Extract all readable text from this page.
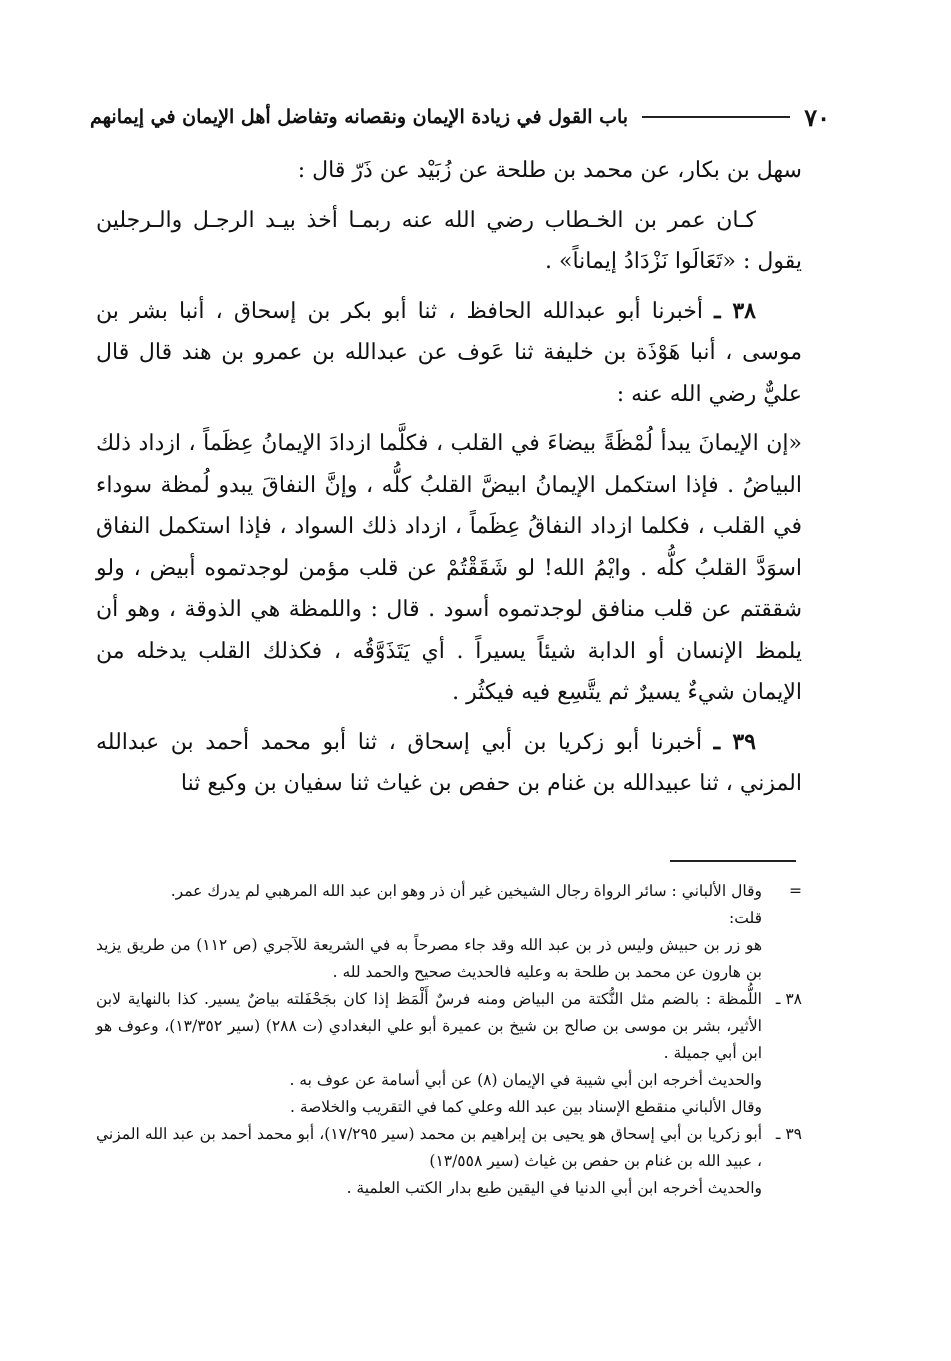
٧٠
باب القول في زيادة الإيمان ونقصانه وتفاضل أهل الإيمان في إيمانهم

سهل بن بكار، عن محمد بن طلحة عن زُبَيْد عن ذَرّ قال :

كـان عمر بن الخـطاب رضي الله عنه ربمـا أخذ بيـد الرجـل والـرجلين يقول : «تَعَالَوا نَزْدَادُ إيماناً» .

٣٨ ـ أخبرنا أبو عبدالله الحافظ ، ثنا أبو بكر بن إسحاق ، أنبا بشر بن موسى ، أنبا هَوْذَة بن خليفة ثنا عَوف عن عبدالله بن عمرو بن هند قال قال عليٌّ رضي الله عنه :

«إن الإيمانَ يبدأ لُمْظَةً بيضاءَ في القلب ، فكلَّما ازدادَ الإيمانُ عِظَماً ، ازداد ذلك البياضُ . فإذا استكمل الإيمانُ ابيضَّ القلبُ كلُّه ، وإنَّ النفاقَ يبدو لُمظة سوداء في القلب ، فكلما ازداد النفاقُ عِظَماً ، ازداد ذلك السواد ، فإذا استكمل النفاق اسوَدَّ القلبُ كلُّه . وايْمُ الله! لو شَقَقْتُمْ عن قلب مؤمن لوجدتموه أبيض ، ولو شققتم عن قلب منافق لوجدتموه أسود . قال : واللمظة هي الذوقة ، وهو أن يلمظ الإنسان أو الدابة شيئاً يسيراً . أي يَتَذَوَّقُه ، فكذلك القلب يدخله من الإيمان شيءٌ يسيرٌ ثم يتَّسِع فيه فيكثُر .

٣٩ ـ أخبرنا أبو زكريا بن أبي إسحاق ، ثنا أبو محمد أحمد بن عبدالله المزني ، ثنا عبيدالله بن غنام بن حفص بن غياث ثنا سفيان بن وكيع ثنا

=
وقال الألباني : سائر الرواة رجال الشيخين غير أن ذر وهو ابن عبد الله المرهبي لم يدرك عمر.
قلت:
هو زر بن حبيش وليس ذر بن عبد الله وقد جاء مصرحاً به في الشريعة للآجري (ص ١١٢) من طريق يزيد بن هارون عن محمد بن طلحة به وعليه فالحديث صحيح والحمد لله .
٣٨ ـ
اللُّمظة : بالضم مثل النُّكتة من البياض ومنه فرسٌ أَلْمَظ إذا كان بجَحْفَلته بياضٌ يسير. كذا بالنهاية لابن الأثير، بشر بن موسى بن صالح بن شيخ بن عميرة أبو علي البغدادي (ت ٢٨٨) (سير ١٣/٣٥٢)، وعوف هو ابن أبي جميلة .
والحديث أخرجه ابن أبي شيبة في الإيمان (٨) عن أبي أسامة عن عوف به .
وقال الألباني منقطع الإسناد بين عبد الله وعلي كما في التقريب والخلاصة .
٣٩ ـ
أبو زكريا بن أبي إسحاق هو يحيى بن إبراهيم بن محمد (سير ١٧/٢٩٥)، أبو محمد أحمد بن عبد الله المزني ، عبيد الله بن غنام بن حفص بن غياث (سير ١٣/٥٥٨)
والحديث أخرجه ابن أبي الدنيا في اليقين طبع بدار الكتب العلمية .
